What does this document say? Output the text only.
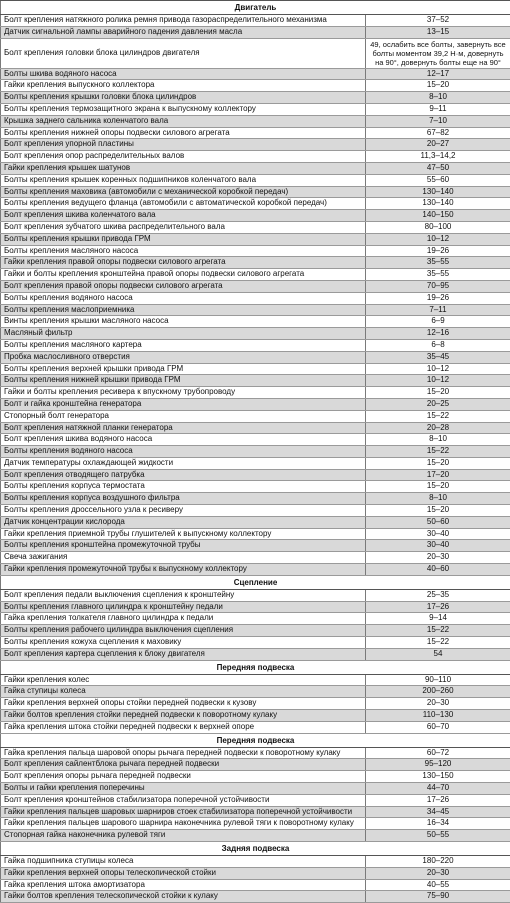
Двигатель	
Болт крепления натяжного ролика ремня привода газораспределительного механизма	37–52
Датчик сигнальной лампы аварийного падения давления масла	13–15
Болт крепления головки блока цилиндров двигателя	49, ослабить все болты, завернуть все болты моментом 39,2 Н·м, довернуть на 90°, довернуть болты еще на 90°
Болты шкива водяного насоса	12–17
Гайки крепления выпускного коллектора	15–20
Болты крепления крышки головки блока цилиндров	8–10
Болты крепления термозащитного экрана к выпускному коллектору	9–11
Крышка заднего сальника коленчатого вала	7–10
Болты крепления нижней опоры подвески силового агрегата	67–82
Болт крепления упорной пластины	20–27
Болт крепления опор распределительных валов	11,3–14,2
Гайки крепления крышек шатунов	47–50
Болты крепления крышек коренных подшипников коленчатого вала	55–60
Болты крепления маховика (автомобили с механической коробкой передач)	130–140
Болты крепления ведущего фланца (автомобили с автоматической коробкой передач)	130–140
Болт крепления шкива коленчатого вала	140–150
Болт крепления зубчатого шкива распределительного вала	80–100
Болты крепления крышки привода ГРМ	10–12
Болты крепления масляного насоса	19–26
Гайки крепления правой опоры подвески силового агрегата	35–55
Гайки и болты крепления кронштейна правой опоры подвески силового агрегата	35–55
Болт крепления правой опоры подвески силового агрегата	70–95
Болты крепления водяного насоса	19–26
Болты крепления маслоприемника	7–11
Винты крепления крышки масляного насоса	6–9
Масляный фильтр	12–16
Болты крепления масляного картера	6–8
Пробка маслосливного отверстия	35–45
Болты крепления верхней крышки привода ГРМ	10–12
Болты крепления нижней крышки привода ГРМ	10–12
Гайки и болты крепления ресивера к впускному трубопроводу	15–20
Болт и гайка кронштейна генератора	20–25
Стопорный болт генератора	15–22
Болт крепления натяжной планки генератора	20–28
Болт крепления шкива водяного насоса	8–10
Болты крепления водяного насоса	15–22
Датчик температуры охлаждающей жидкости	15–20
Болт крепления отводящего патрубка	17–20
Болты крепления корпуса термостата	15–20
Болты крепления корпуса воздушного фильтра	8–10
Болты крепления дроссельного узла к ресиверу	15–20
Датчик концентрации кислорода	50–60
Гайки крепления приемной трубы глушителей к выпускному коллектору	30–40
Болты крепления кронштейна промежуточной трубы	30–40
Свеча зажигания	20–30
Гайки крепления промежуточной трубы к выпускному коллектору	40–60
Сцепление	
Болт крепления педали выключения сцепления к кронштейну	25–35
Болты крепления главного цилиндра к кронштейну педали	17–26
Гайка крепления толкателя главного цилиндра к педали	9–14
Болты крепления рабочего цилиндра выключения сцепления	15–22
Болты крепления кожуха сцепления к маховику	15–22
Болт крепления картера сцепления к блоку двигателя	54
Передняя подвеска	
Гайки крепления колес	90–110
Гайка ступицы колеса	200–260
Гайки крепления верхней опоры стойки передней подвески к кузову	20–30
Гайки болтов крепления стойки передней подвески к поворотному кулаку	110–130
Гайка крепления штока стойки передней подвески к верхней опоре	60–70
Передняя подвеска	
Гайка крепления пальца шаровой опоры рычага передней подвески к поворотному кулаку	60–72
Болт крепления сайлентблока рычага передней подвески	95–120
Болт крепления опоры рычага передней подвески	130–150
Болты и гайки крепления поперечины	44–70
Болт крепления кронштейнов стабилизатора поперечной устойчивости	17–26
Гайки крепления пальцев шаровых шарниров стоек стабилизатора поперечной устойчивости	34–45
Гайки крепления пальцев шарового шарнира наконечника рулевой тяги к поворотному кулаку	16–34
Стопорная гайка наконечника рулевой тяги	50–55
Задняя подвеска	
Гайка подшипника ступицы колеса	180–220
Гайки крепления верхней опоры телескопической стойки	20–30
Гайка крепления штока амортизатора	40–55
Гайки болтов крепления телескопической стойки к кулаку	75–90
